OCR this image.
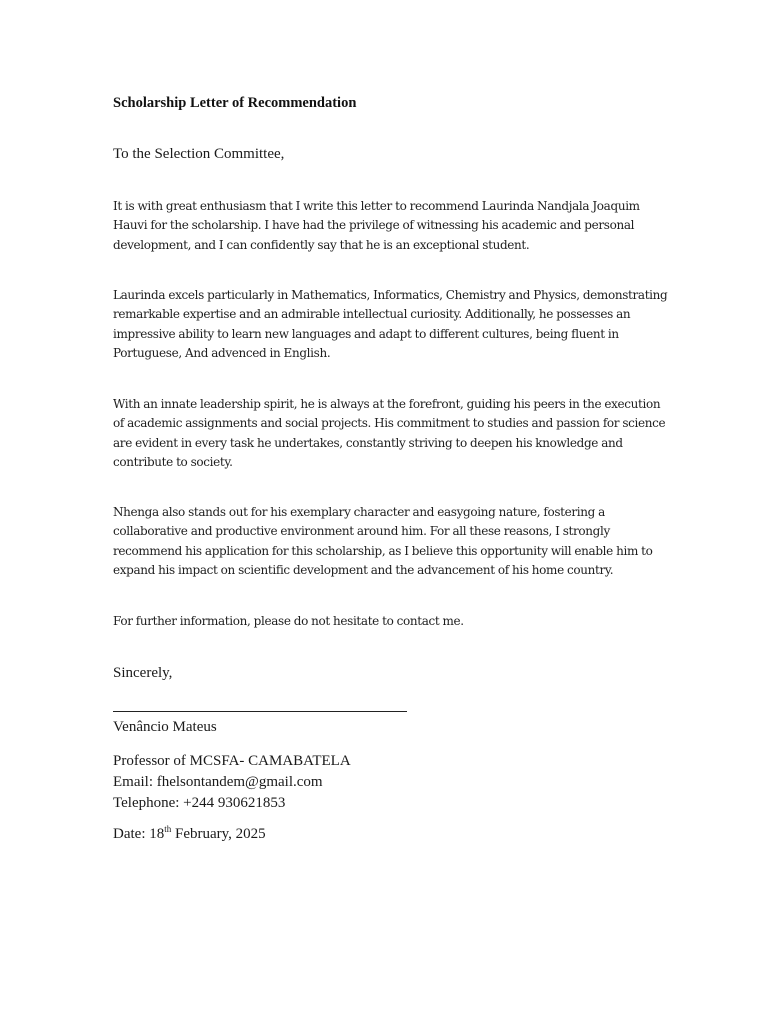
Scholarship Letter of Recommendation
To the Selection Committee,
It is with great enthusiasm that I write this letter to recommend Laurinda Nandjala Joaquim Hauvi for the scholarship. I have had the privilege of witnessing his academic and personal development, and I can confidently say that he is an exceptional student.
Laurinda excels particularly in Mathematics, Informatics, Chemistry and Physics, demonstrating remarkable expertise and an admirable intellectual curiosity. Additionally, he possesses an impressive ability to learn new languages and adapt to different cultures, being fluent in Portuguese, And advenced in English.
With an innate leadership spirit, he is always at the forefront, guiding his peers in the execution of academic assignments and social projects. His commitment to studies and passion for science are evident in every task he undertakes, constantly striving to deepen his knowledge and contribute to society.
Nhenga also stands out for his exemplary character and easygoing nature, fostering a collaborative and productive environment around him. For all these reasons, I strongly recommend his application for this scholarship, as I believe this opportunity will enable him to expand his impact on scientific development and the advancement of his home country.
For further information, please do not hesitate to contact me.
Sincerely,
Venâncio Mateus
Professor of MCSFA- CAMABATELA
Email: fhelsontandem@gmail.com
Telephone: +244 930621853
Date: 18th February, 2025
